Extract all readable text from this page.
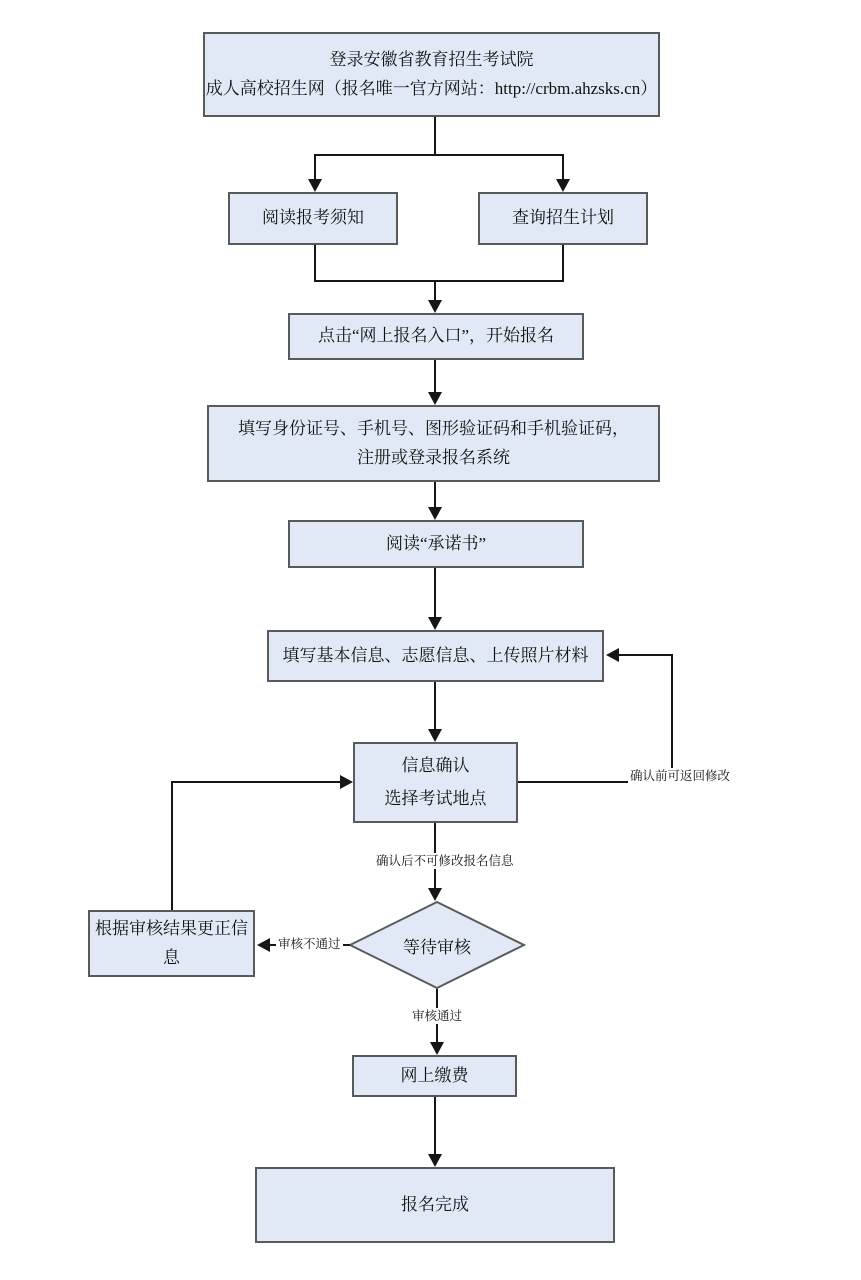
登录安徽省教育招生考试院
成人高校招生网（报名唯一官方网站：http://crbm.ahzsks.cn）
阅读报考须知	查询招生计划
点击“网上报名入口”，开始报名
填写身份证号、手机号、图形验证码和手机验证码，
注册或登录报名系统
阅读“承诺书”
填写基本信息、志愿信息、上传照片材料
信息确认
选择考试地点
根据审核结果更正信息
等待审核
网上缴费
报名完成
确认前可返回修改
确认后不可修改报名信息
审核不通过
审核通过
